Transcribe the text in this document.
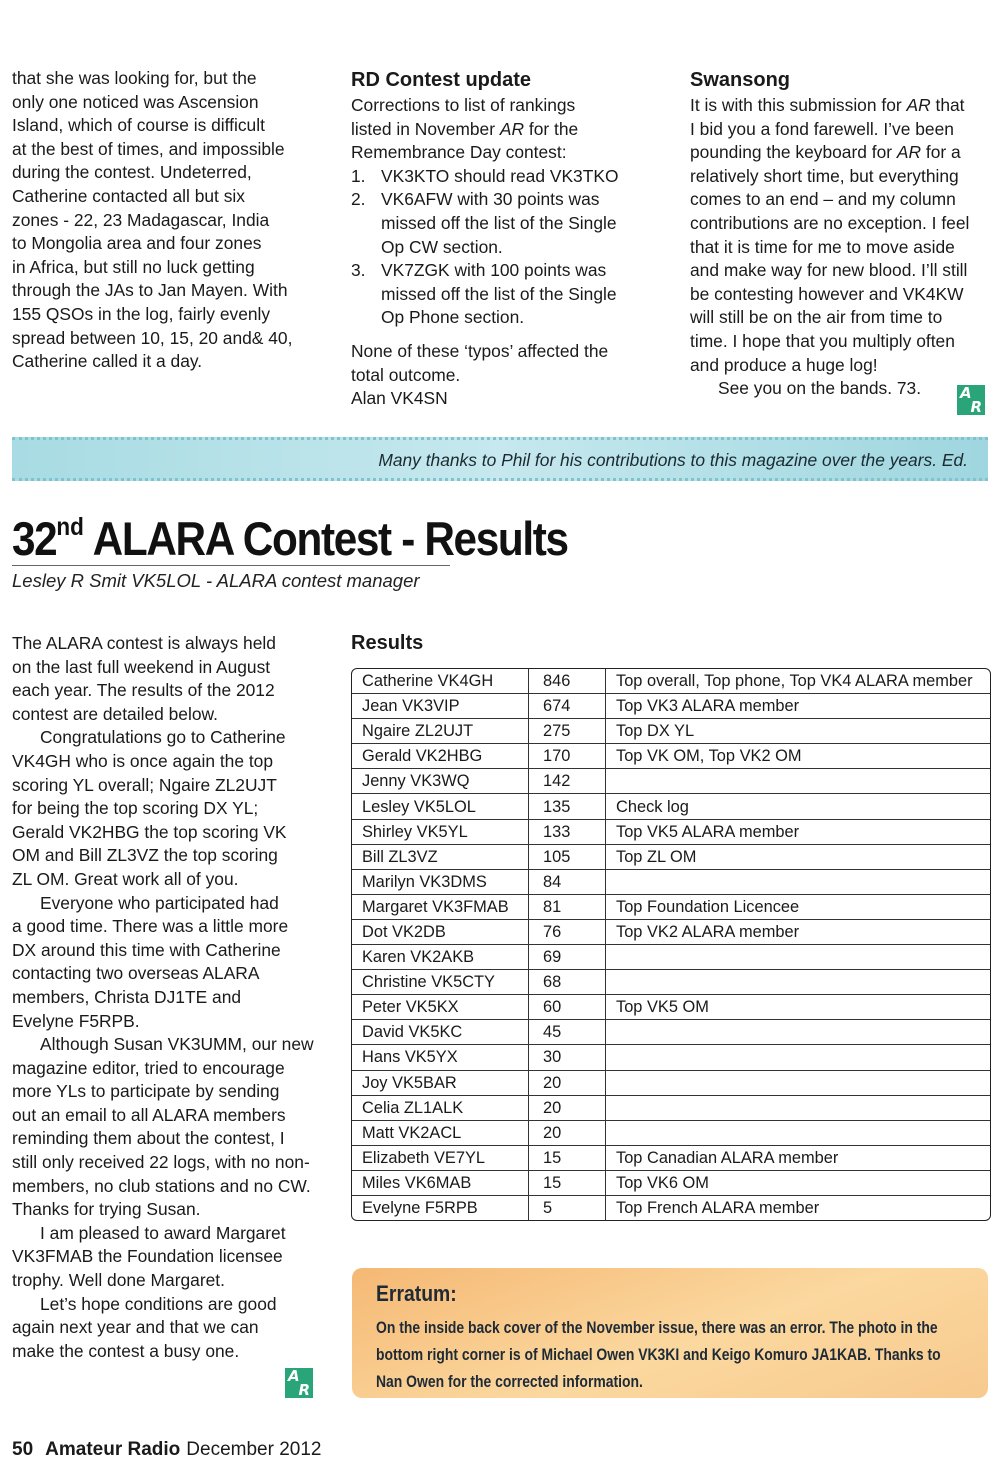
that she was looking for, but the
only one noticed was Ascension
Island, which of course is difficult
at the best of times, and impossible
during the contest. Undeterred,
Catherine contacted all but six
zones - 22, 23 Madagascar, India
to Mongolia area and four zones
in Africa, but still no luck getting
through the JAs to Jan Mayen. With
155 QSOs in the log, fairly evenly
spread between 10, 15, 20 and& 40,
Catherine called it a day.
RD Contest update

Corrections to list of rankings

listed in November AR for the

Remembrance Day contest:

1. VK3KTO should read VK3TKO
2. VK6AFW with 30 points was
missed off the list of the Single
Op CW section.
3. VK7ZGK with 100 points was
missed off the list of the Single
Op Phone section.

None of these ‘typos’ affected the

total outcome.

Alan VK4SN

Swansong

It is with this submission for AR that

I bid you a fond farewell. I’ve been

pounding the keyboard for AR for a

relatively short time, but everything
comes to an end – and my column
contributions are no exception. I feel
that it is time for me to move aside
and make way for new blood. I’ll still
be contesting however and VK4KW
will still be on the air from time to
time. I hope that you multiply often
and produce a huge log!

See you on the bands. 73.	A
R
Many thanks to Phil for his contributions to this magazine over the years. Ed.
32nd ALARA Contest - Results
Lesley R Smit VK5LOL - ALARA contest manager
The ALARA contest is always held
on the last full weekend in August
each year. The results of the 2012
contest are detailed below.
Congratulations go to Catherine
VK4GH who is once again the top
scoring YL overall; Ngaire ZL2UJT
for being the top scoring DX YL;
Gerald VK2HBG the top scoring VK
OM and Bill ZL3VZ the top scoring
ZL OM. Great work all of you.
Everyone who participated had
a good time. There was a little more
DX around this time with Catherine
contacting two overseas ALARA
members, Christa DJ1TE and
Evelyne F5RPB.
Although Susan VK3UMM, our new
magazine editor, tried to encourage
more YLs to participate by sending
out an email to all ALARA members
reminding them about the contest, I
still only received 22 logs, with no non-
members, no club stations and no CW.
Thanks for trying Susan.
I am pleased to award Margaret
VK3FMAB the Foundation licensee
trophy. Well done Margaret.
Let’s hope conditions are good
again next year and that we can
make the contest a busy one.
A
R
Results
Catherine VK4GH	846	Top overall, Top phone, Top VK4 ALARA member
Jean VK3VIP	674	Top VK3 ALARA member
Ngaire ZL2UJT	275	Top DX YL
Gerald VK2HBG	170	Top VK OM, Top VK2 OM
Jenny VK3WQ	142	
Lesley VK5LOL	135	Check log
Shirley VK5YL	133	Top VK5 ALARA member
Bill ZL3VZ	105	Top ZL OM
Marilyn VK3DMS	84	
Margaret VK3FMAB	81	Top Foundation Licencee
Dot VK2DB	76	Top VK2 ALARA member
Karen VK2AKB	69	
Christine VK5CTY	68	
Peter VK5KX	60	Top VK5 OM
David VK5KC	45	
Hans VK5YX	30	
Joy VK5BAR	20	
Celia ZL1ALK	20	
Matt VK2ACL	20	
Elizabeth VE7YL	15	Top Canadian ALARA member
Miles VK6MAB	15	Top VK6 OM
Evelyne F5RPB	5	Top French ALARA member
Erratum:
On the inside back cover of the November issue, there was an error. The photo in the
bottom right corner is of Michael Owen VK3KI and Keigo Komuro JA1KAB. Thanks to
Nan Owen for the corrected information.
50 Amateur Radio December 2012
